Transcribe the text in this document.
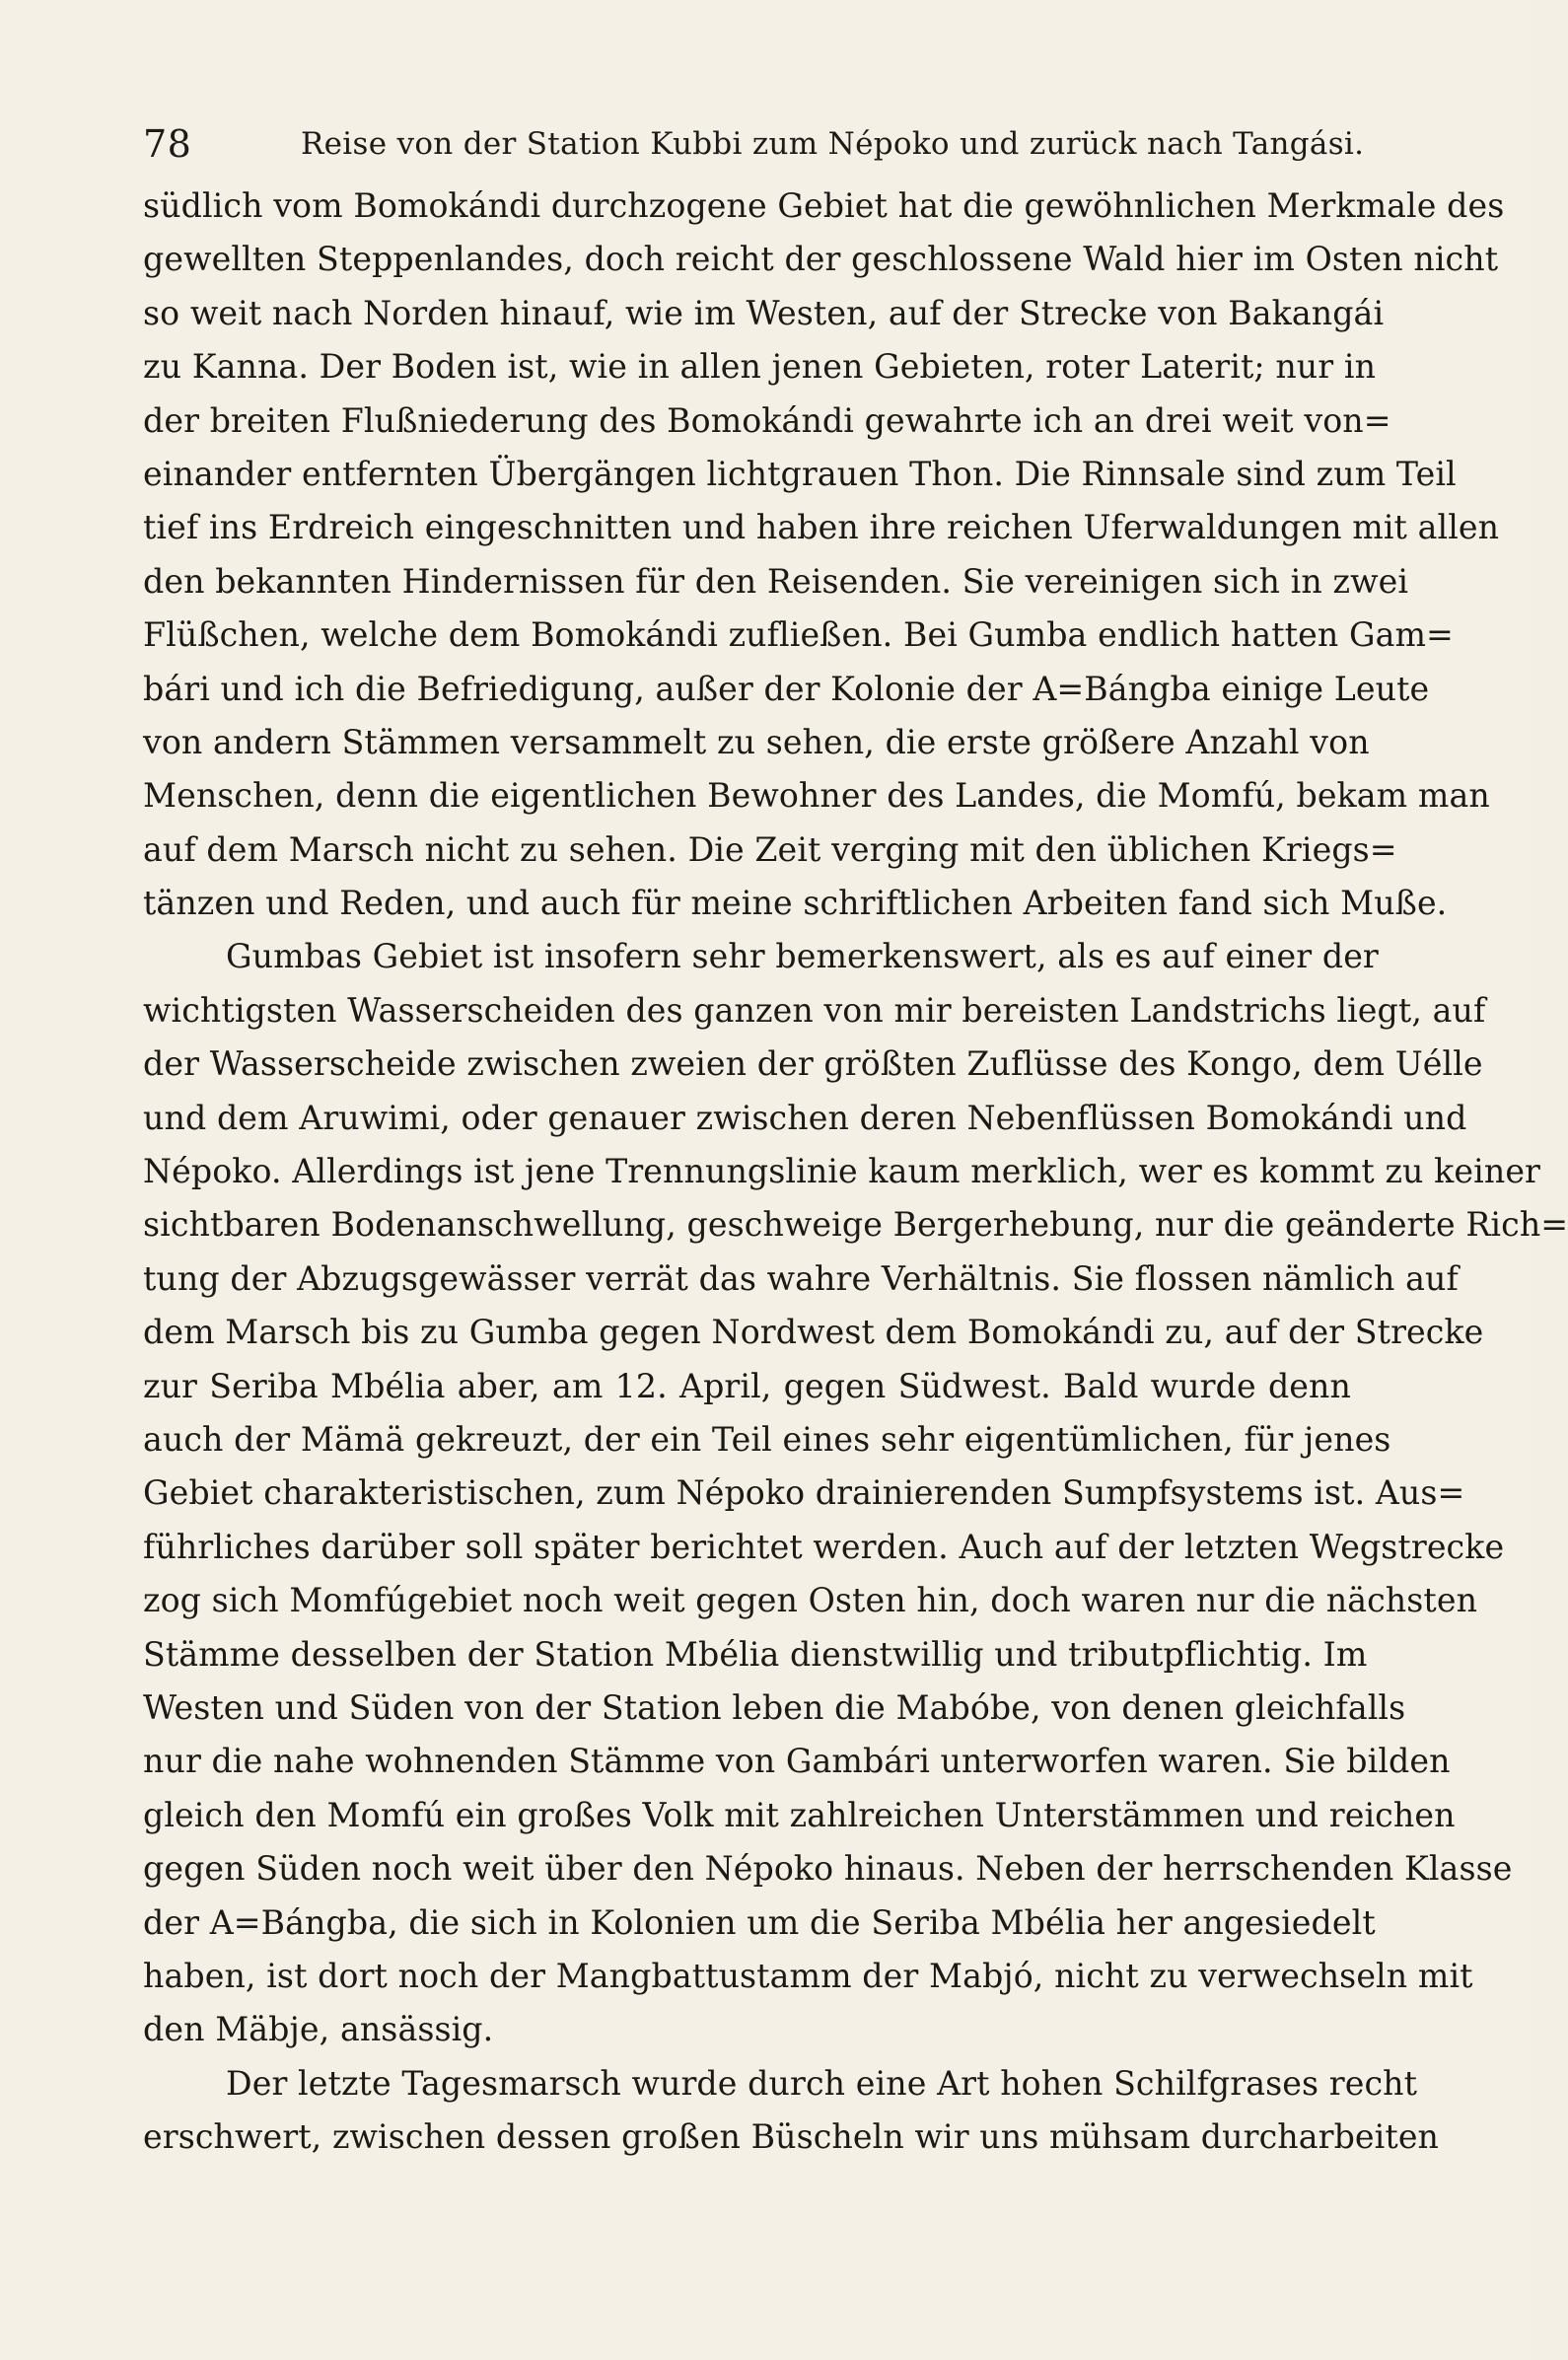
78	Reise von der Station Kubbi zum Népoko und zurück nach Tangási.
südlich vom Bomokándi durchzogene Gebiet hat die gewöhnlichen Merkmale des
gewellten Steppenlandes, doch reicht der geschlossene Wald hier im Osten nicht
so weit nach Norden hinauf, wie im Westen, auf der Strecke von Bakangái
zu Kanna. Der Boden ist, wie in allen jenen Gebieten, roter Laterit; nur in
der breiten Flußniederung des Bomokándi gewahrte ich an drei weit von=
einander entfernten Übergängen lichtgrauen Thon. Die Rinnsale sind zum Teil
tief ins Erdreich eingeschnitten und haben ihre reichen Uferwaldungen mit allen
den bekannten Hindernissen für den Reisenden. Sie vereinigen sich in zwei
Flüßchen, welche dem Bomokándi zufließen. Bei Gumba endlich hatten Gam=
bári und ich die Befriedigung, außer der Kolonie der A=Bángba einige Leute
von andern Stämmen versammelt zu sehen, die erste größere Anzahl von
Menschen, denn die eigentlichen Bewohner des Landes, die Momfú, bekam man
auf dem Marsch nicht zu sehen. Die Zeit verging mit den üblichen Kriegs=
tänzen und Reden, und auch für meine schriftlichen Arbeiten fand sich Muße.
Gumbas Gebiet ist insofern sehr bemerkenswert, als es auf einer der
wichtigsten Wasserscheiden des ganzen von mir bereisten Landstrichs liegt, auf
der Wasserscheide zwischen zweien der größten Zuflüsse des Kongo, dem Uélle
und dem Aruwimi, oder genauer zwischen deren Nebenflüssen Bomokándi und
Népoko. Allerdings ist jene Trennungslinie kaum merklich, wer es kommt zu keiner
sichtbaren Bodenanschwellung, geschweige Bergerhebung, nur die geänderte Rich=
tung der Abzugsgewässer verrät das wahre Verhältnis. Sie flossen nämlich auf
dem Marsch bis zu Gumba gegen Nordwest dem Bomokándi zu, auf der Strecke
zur Seriba Mbélia aber, am 12. April, gegen Südwest. Bald wurde denn
auch der Mämä gekreuzt, der ein Teil eines sehr eigentümlichen, für jenes
Gebiet charakteristischen, zum Népoko drainierenden Sumpfsystems ist. Aus=
führliches darüber soll später berichtet werden. Auch auf der letzten Wegstrecke
zog sich Momfúgebiet noch weit gegen Osten hin, doch waren nur die nächsten
Stämme desselben der Station Mbélia dienstwillig und tributpflichtig. Im
Westen und Süden von der Station leben die Mabóbe, von denen gleichfalls
nur die nahe wohnenden Stämme von Gambári unterworfen waren. Sie bilden
gleich den Momfú ein großes Volk mit zahlreichen Unterstämmen und reichen
gegen Süden noch weit über den Népoko hinaus. Neben der herrschenden Klasse
der A=Bángba, die sich in Kolonien um die Seriba Mbélia her angesiedelt
haben, ist dort noch der Mangbattustamm der Mabjó, nicht zu verwechseln mit
den Mäbje, ansässig.
Der letzte Tagesmarsch wurde durch eine Art hohen Schilfgrases recht
erschwert, zwischen dessen großen Büscheln wir uns mühsam durcharbeiten
